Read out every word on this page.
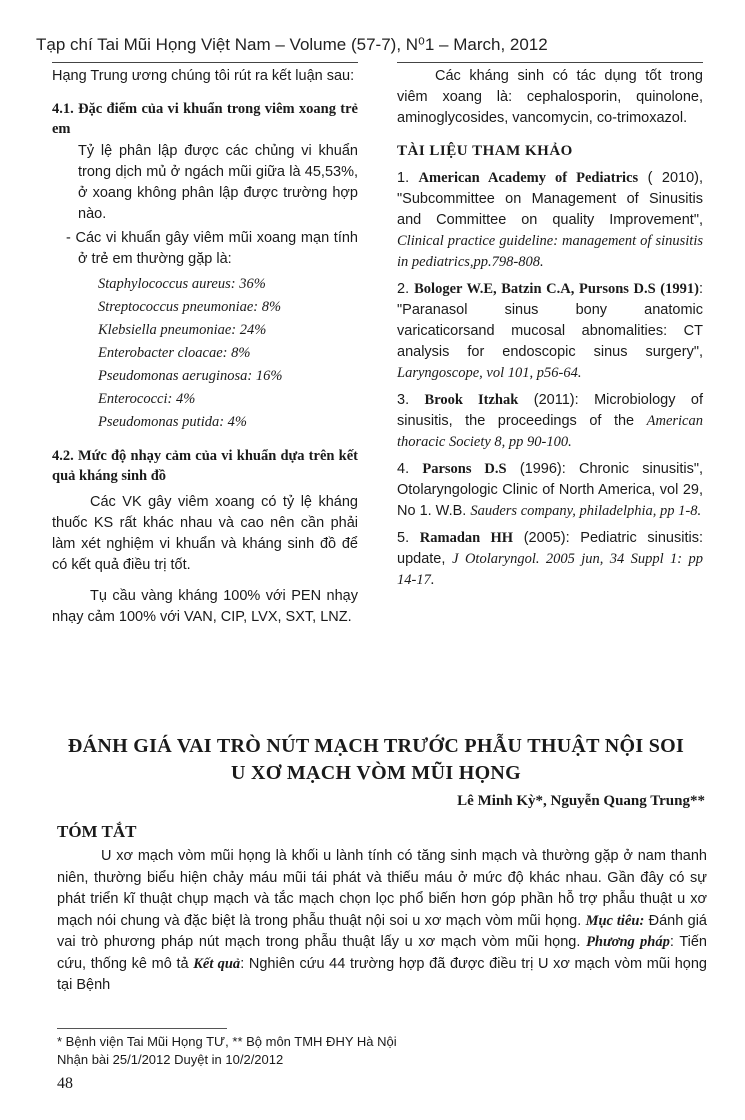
Tạp chí Tai Mũi Họng Việt Nam – Volume (57-7), N⁰1 – March, 2012

Hạng Trung ương chúng tôi rút ra kết luận sau:

4.1. Đặc điểm của vi khuẩn trong viêm xoang trẻ em

Tỷ lệ phân lập được các chủng vi khuẩn trong dịch mủ ở ngách mũi giữa là 45,53%, ở xoang không phân lập được trường hợp nào.

- Các vi khuẩn gây viêm mũi xoang mạn tính ở trẻ em thường gặp là:

Staphylococcus aureus: 36%

Streptococcus pneumoniae: 8%

Klebsiella pneumoniae: 24%

Enterobacter cloacae: 8%

Pseudomonas aeruginosa: 16%

Enterococci: 4%

Pseudomonas putida: 4%

4.2. Mức độ nhạy cảm của vi khuẩn dựa trên kết quả kháng sinh đồ

Các VK gây viêm xoang có tỷ lệ kháng thuốc KS rất khác nhau và cao nên cần phải làm xét nghiệm vi khuẩn và kháng sinh đồ để có kết quả điều trị tốt.

Tụ cầu vàng kháng 100% với PEN nhạy nhạy cảm 100% với VAN, CIP, LVX, SXT, LNZ.

Các kháng sinh có tác dụng tốt trong viêm xoang là: cephalosporin, quinolone, aminoglycosides, vancomycin, co-trimoxazol.

TÀI LIỆU THAM KHẢO

1. American Academy of Pediatrics ( 2010), "Subcommittee on Management of Sinusitis and Committee on quality Improvement", Clinical practice guideline: management of sinusitis in pediatrics,pp.798-808.

2. Bologer W.E, Batzin C.A, Pursons D.S (1991): "Paranasol sinus bony anatomic varicaticorsand mucosal abnomalities: CT analysis for endoscopic sinus surgery", Laryngoscope, vol 101, p56-64.

3. Brook Itzhak (2011): Microbiology of sinusitis, the proceedings of the American thoracic Society 8, pp 90-100.

4. Parsons D.S (1996): Chronic sinusitis", Otolaryngologic Clinic of North America, vol 29, No 1. W.B. Sauders company, philadelphia, pp 1-8.

5. Ramadan HH (2005): Pediatric sinusitis: update, J Otolaryngol. 2005 jun, 34 Suppl 1: pp 14-17.

ĐÁNH GIÁ VAI TRÒ NÚT MẠCH TRƯỚC PHẪU THUẬT NỘI SOI
U XƠ MẠCH VÒM MŨI HỌNG
Lê Minh Kỳ*, Nguyễn Quang Trung**
TÓM TẮT
U xơ mạch vòm mũi họng là khối u lành tính có tăng sinh mạch và thường gặp ở nam thanh niên, thường biểu hiện chảy máu mũi tái phát và thiếu máu ở mức độ khác nhau. Gần đây có sự phát triển kĩ thuật chụp mạch và tắc mạch chọn lọc phổ biến hơn góp phần hỗ trợ phẫu thuật u xơ mạch nói chung và đặc biệt là trong phẫu thuật nội soi u xơ mạch vòm mũi họng. Mục tiêu: Đánh giá vai trò phương pháp nút mạch trong phẫu thuật lấy u xơ mạch vòm mũi họng. Phương pháp: Tiến cứu, thống kê mô tả Kết quả: Nghiên cứu 44 trường hợp đã được điều trị U xơ mạch vòm mũi họng tại Bệnh
* Bệnh viện Tai Mũi Họng TƯ, ** Bộ môn TMH ĐHY Hà Nội
Nhận bài 25/1/2012 Duyệt in 10/2/2012
48
